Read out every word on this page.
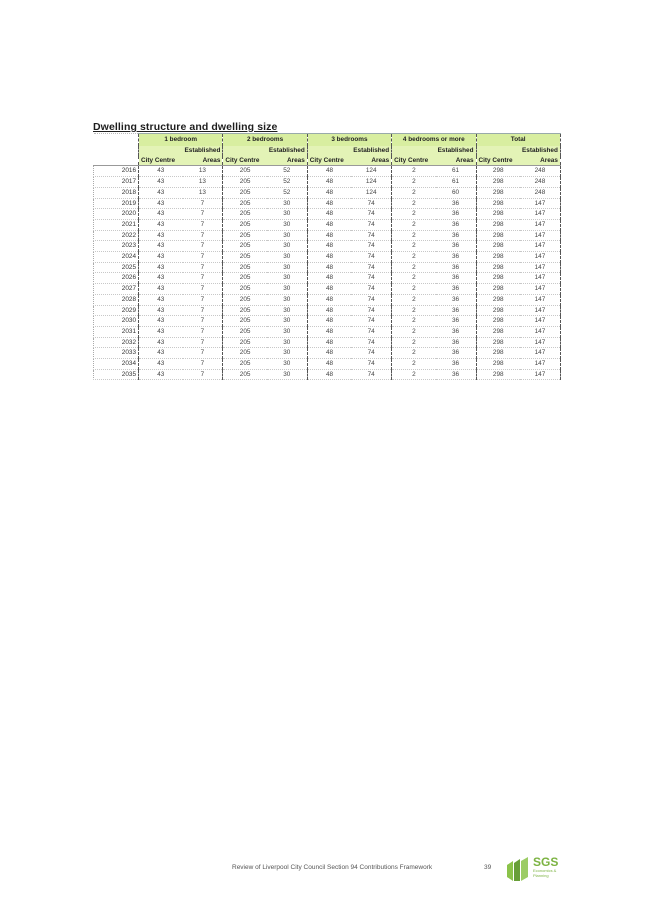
Dwelling structure and dwelling size
	1 bedroom		2 bedrooms		3 bedrooms		4 bedrooms or more		Total	
		Established		Established		Established		Established		Established
	City Centre	Areas	City Centre	Areas	City Centre	Areas	City Centre	Areas	City Centre	Areas
2016	43	13	205	52	48	124	2	61	298	248
2017	43	13	205	52	48	124	2	61	298	248
2018	43	13	205	52	48	124	2	60	298	248
2019	43	7	205	30	48	74	2	36	298	147
2020	43	7	205	30	48	74	2	36	298	147
2021	43	7	205	30	48	74	2	36	298	147
2022	43	7	205	30	48	74	2	36	298	147
2023	43	7	205	30	48	74	2	36	298	147
2024	43	7	205	30	48	74	2	36	298	147
2025	43	7	205	30	48	74	2	36	298	147
2026	43	7	205	30	48	74	2	36	298	147
2027	43	7	205	30	48	74	2	36	298	147
2028	43	7	205	30	48	74	2	36	298	147
2029	43	7	205	30	48	74	2	36	298	147
2030	43	7	205	30	48	74	2	36	298	147
2031	43	7	205	30	48	74	2	36	298	147
2032	43	7	205	30	48	74	2	36	298	147
2033	43	7	205	30	48	74	2	36	298	147
2034	43	7	205	30	48	74	2	36	298	147
2035	43	7	205	30	48	74	2	36	298	147
Review of Liverpool City Council Section 94 Contributions Framework	39	SGS
Economics & Planning
